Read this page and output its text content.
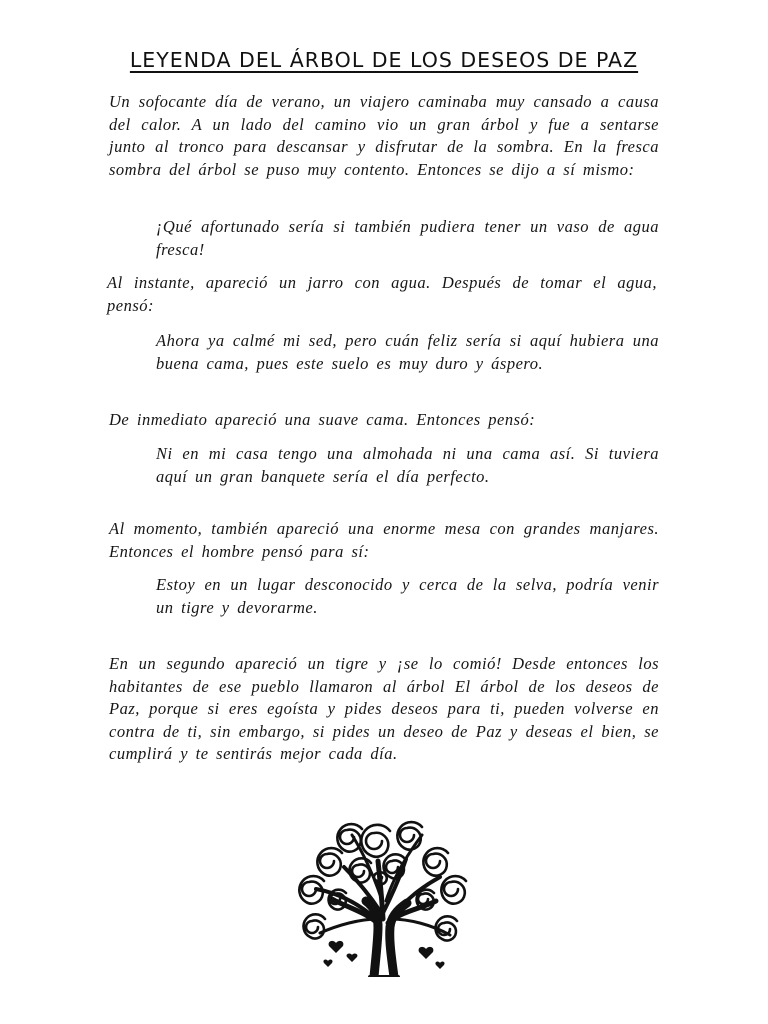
LEYENDA DEL ÁRBOL DE LOS DESEOS DE PAZ

Un sofocante día de verano, un viajero caminaba muy cansado a causa del calor. A un lado del camino vio un gran árbol y fue a sentarse junto al tronco para descansar y disfrutar de la sombra. En la fresca sombra del árbol se puso muy contento. Entonces se dijo a sí mismo:

¡Qué afortunado sería si también pudiera tener un vaso de agua fresca!

Al instante, apareció un jarro con agua. Después de tomar el agua, pensó:

Ahora ya calmé mi sed, pero cuán feliz sería si aquí hubiera una buena cama, pues este suelo es muy duro y áspero.

De inmediato apareció una suave cama. Entonces pensó:

Ni en mi casa tengo una almohada ni una cama así. Si tuviera aquí un gran banquete sería el día perfecto.

Al momento, también apareció una enorme mesa con grandes manjares. Entonces el hombre pensó para sí:

Estoy en un lugar desconocido y cerca de la selva, podría venir un tigre y devorarme.

En un segundo apareció un tigre y ¡se lo comió! Desde entonces los habitantes de ese pueblo llamaron al árbol El árbol de los deseos de Paz, porque si eres egoísta y pides deseos para ti, pueden volverse en contra de ti, sin embargo, si pides un deseo de Paz y deseas el bien, se cumplirá y te sentirás mejor cada día.
